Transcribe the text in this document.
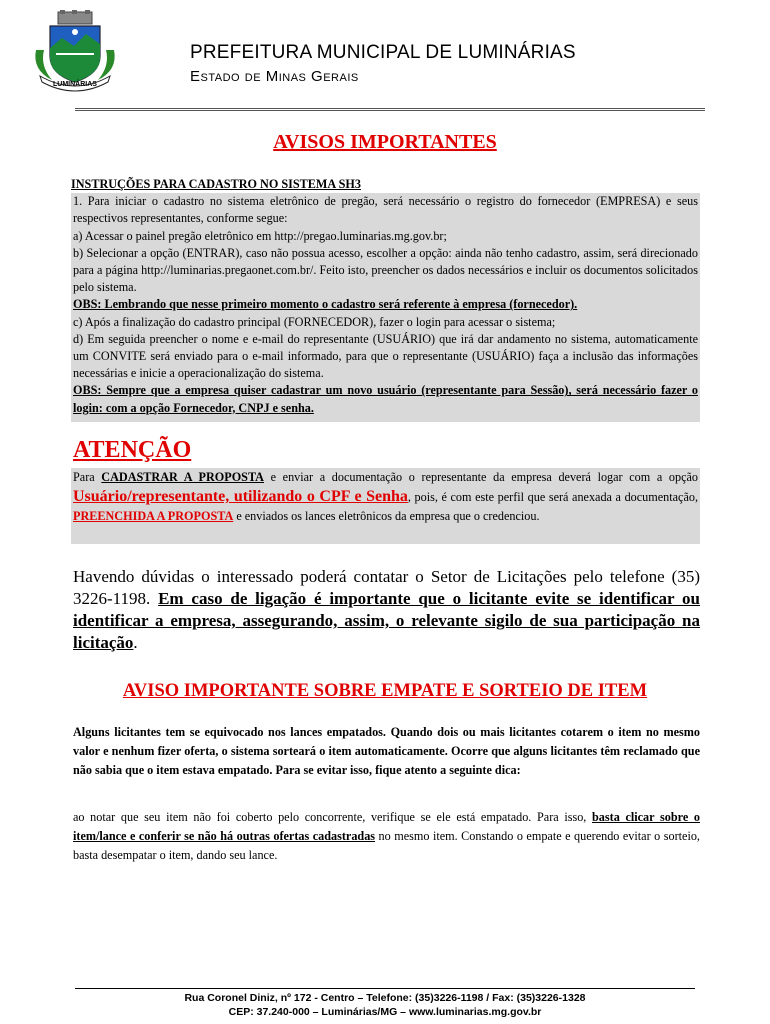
LUMINÁRIAS
PREFEITURA MUNICIPAL DE LUMINÁRIAS
Estado de Minas Gerais
AVISOS IMPORTANTES
INSTRUÇÕES PARA CADASTRO NO SISTEMA SH3

1. Para iniciar o cadastro no sistema eletrônico de pregão, será necessário o registro do fornecedor (EMPRESA) e seus respectivos representantes, conforme segue:

a) Acessar o painel pregão eletrônico em http://pregao.luminarias.mg.gov.br;

b) Selecionar a opção (ENTRAR), caso não possua acesso, escolher a opção: ainda não tenho cadastro, assim, será direcionado para a página http://luminarias.pregaonet.com.br/. Feito isto, preencher os dados necessários e incluir os documentos solicitados pelo sistema.

OBS: Lembrando que nesse primeiro momento o cadastro será referente à empresa (fornecedor).

c) Após a finalização do cadastro principal (FORNECEDOR), fazer o login para acessar o sistema;

d) Em seguida preencher o nome e e-mail do representante (USUÁRIO) que irá dar andamento no sistema, automaticamente um CONVITE será enviado para o e-mail informado, para que o representante (USUÁRIO) faça a inclusão das informações necessárias e inicie a operacionalização do sistema.

OBS: Sempre que a empresa quiser cadastrar um novo usuário (representante para Sessão), será necessário fazer o login: com a opção Fornecedor, CNPJ e senha.

ATENÇÃO

Para CADASTRAR A PROPOSTA e enviar a documentação o representante da empresa deverá logar com a opção Usuário/representante, utilizando o CPF e Senha, pois, é com este perfil que será anexada a documentação, PREENCHIDA A PROPOSTA e enviados os lances eletrônicos da empresa que o credenciou.

Havendo dúvidas o interessado poderá contatar o Setor de Licitações pelo telefone (35) 3226-1198. Em caso de ligação é importante que o licitante evite se identificar ou identificar a empresa, assegurando, assim, o relevante sigilo de sua participação na licitação.
AVISO IMPORTANTE SOBRE EMPATE E SORTEIO DE ITEM
Alguns licitantes tem se equivocado nos lances empatados. Quando dois ou mais licitantes cotarem o item no mesmo valor e nenhum fizer oferta, o sistema sorteará o item automaticamente. Ocorre que alguns licitantes têm reclamado que não sabia que o item estava empatado. Para se evitar isso, fique atento a seguinte dica:
ao notar que seu item não foi coberto pelo concorrente, verifique se ele está empatado. Para isso, basta clicar sobre o item/lance e conferir se não há outras ofertas cadastradas no mesmo item. Constando o empate e querendo evitar o sorteio, basta desempatar o item, dando seu lance.
Rua Coronel Diniz, nº 172 - Centro – Telefone: (35)3226-1198 / Fax: (35)3226-1328
CEP: 37.240-000 – Luminárias/MG – www.luminarias.mg.gov.br
